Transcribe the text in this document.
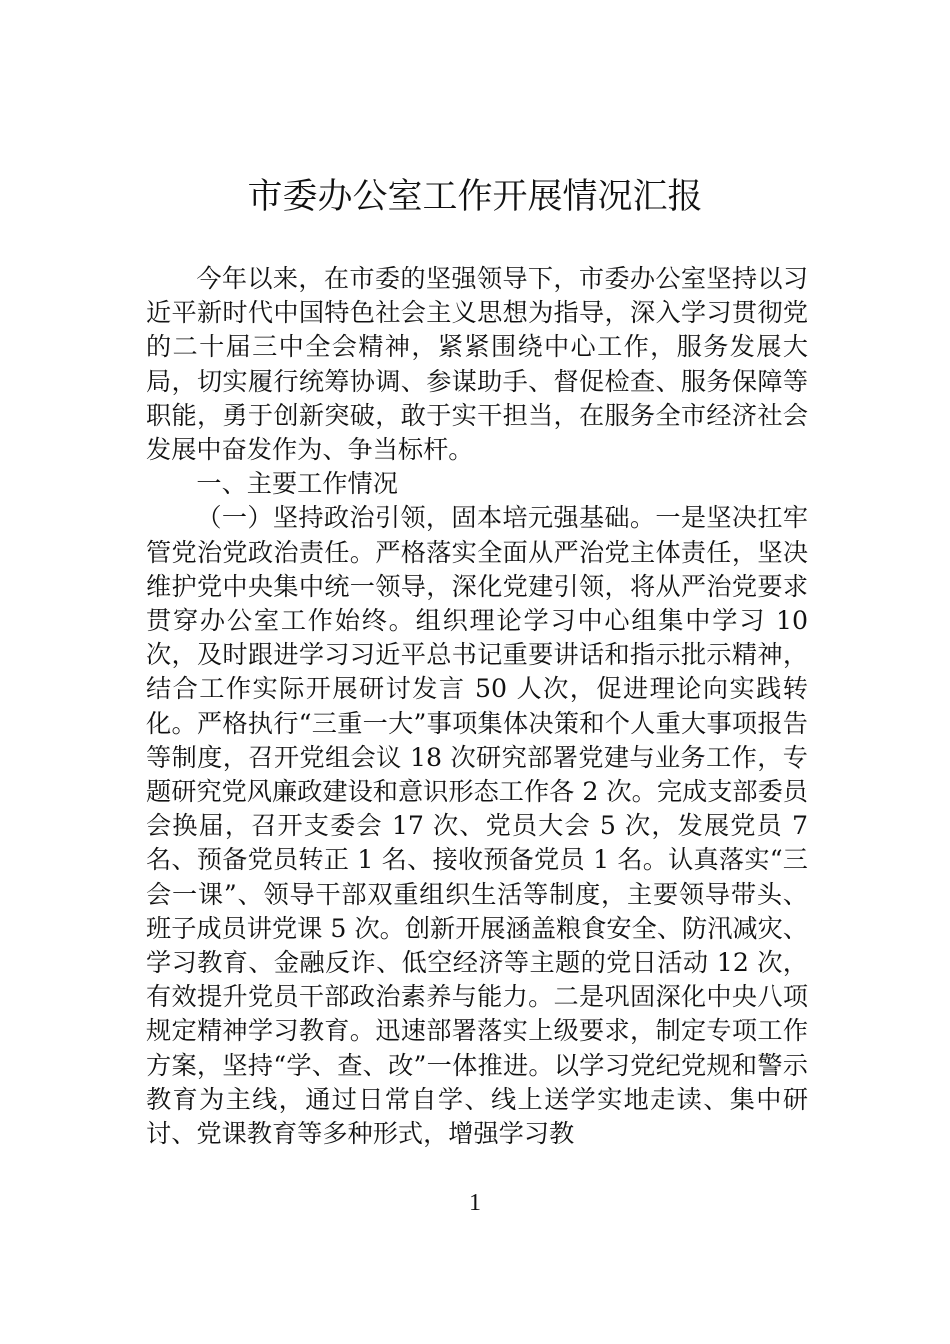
市委办公室工作开展情况汇报

今年以来，在市委的坚强领导下，市委办公室坚持以习近平新时代中国特色社会主义思想为指导，深入学习贯彻党的二十届三中全会精神，紧紧围绕中心工作，服务发展大局，切实履行统筹协调、参谋助手、督促检查、服务保障等职能，勇于创新突破，敢于实干担当，在服务全市经济社会发展中奋发作为、争当标杆。

一、主要工作情况

（一）坚持政治引领，固本培元强基础。一是坚决扛牢管党治党政治责任。严格落实全面从严治党主体责任，坚决维护党中央集中统一领导，深化党建引领，将从严治党要求贯穿办公室工作始终。组织理论学习中心组集中学习 10 次，及时跟进学习习近平总书记重要讲话和指示批示精神，结合工作实际开展研讨发言 50 人次，促进理论向实践转化。严格执行“三重一大”事项集体决策和个人重大事项报告等制度，召开党组会议 18 次研究部署党建与业务工作，专题研究党风廉政建设和意识形态工作各 2 次。完成支部委员会换届，召开支委会 17 次、党员大会 5 次，发展党员 7 名、预备党员转正 1 名、接收预备党员 1 名。认真落实“三会一课”、领导干部双重组织生活等制度，主要领导带头、班子成员讲党课 5 次。创新开展涵盖粮食安全、防汛减灾、学习教育、金融反诈、低空经济等主题的党日活动 12 次，有效提升党员干部政治素养与能力。二是巩固深化中央八项规定精神学习教育。迅速部署落实上级要求，制定专项工作方案，坚持“学、查、改”一体推进。以学习党纪党规和警示教育为主线，通过日常自学、线上送学实地走读、集中研讨、党课教育等多种形式，增强学习教

1
